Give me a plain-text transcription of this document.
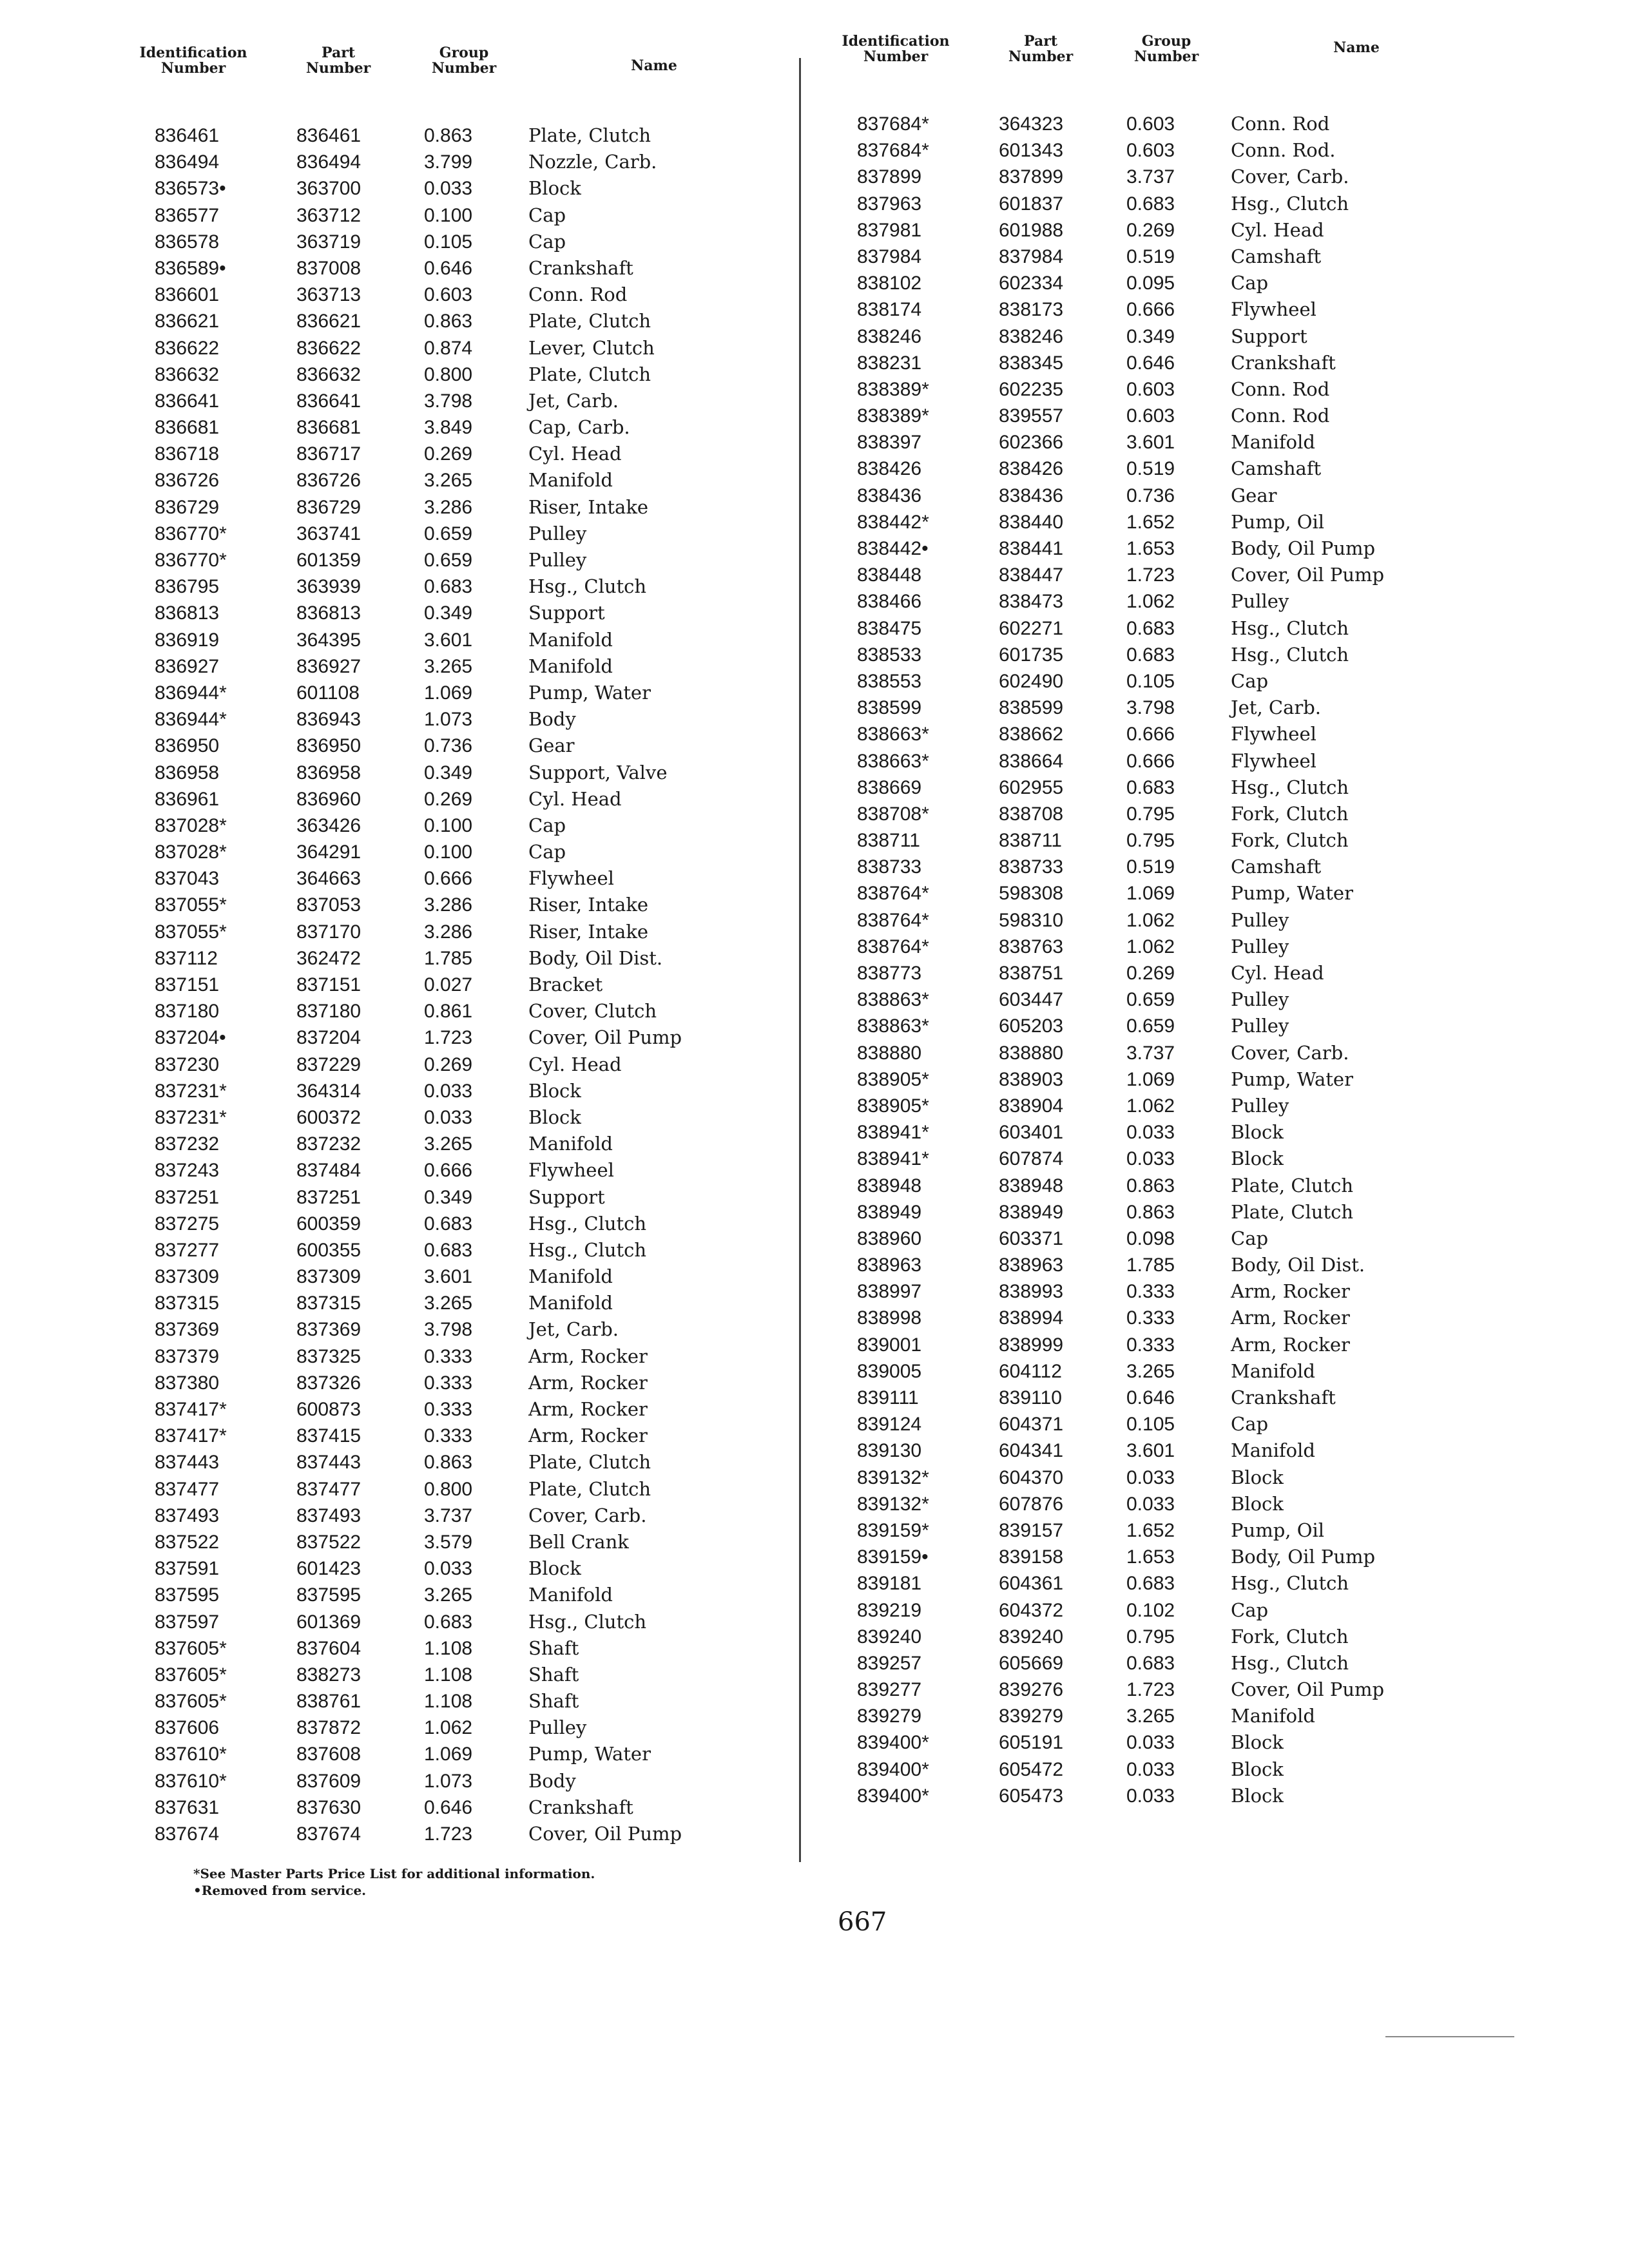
Identification
Number
Part
Number
Group
Number	Name
836461	836461	0.863	Plate, Clutch
836494	836494	3.799	Nozzle, Carb.
836573•	363700	0.033	Block
836577	363712	0.100	Cap
836578	363719	0.105	Cap
836589•	837008	0.646	Crankshaft
836601	363713	0.603	Conn. Rod
836621	836621	0.863	Plate, Clutch
836622	836622	0.874	Lever, Clutch
836632	836632	0.800	Plate, Clutch
836641	836641	3.798	Jet, Carb.
836681	836681	3.849	Cap, Carb.
836718	836717	0.269	Cyl. Head
836726	836726	3.265	Manifold
836729	836729	3.286	Riser, Intake
836770*	363741	0.659	Pulley
836770*	601359	0.659	Pulley
836795	363939	0.683	Hsg., Clutch
836813	836813	0.349	Support
836919	364395	3.601	Manifold
836927	836927	3.265	Manifold
836944*	601108	1.069	Pump, Water
836944*	836943	1.073	Body
836950	836950	0.736	Gear
836958	836958	0.349	Support, Valve
836961	836960	0.269	Cyl. Head
837028*	363426	0.100	Cap
837028*	364291	0.100	Cap
837043	364663	0.666	Flywheel
837055*	837053	3.286	Riser, Intake
837055*	837170	3.286	Riser, Intake
837112	362472	1.785	Body, Oil Dist.
837151	837151	0.027	Bracket
837180	837180	0.861	Cover, Clutch
837204•	837204	1.723	Cover, Oil Pump
837230	837229	0.269	Cyl. Head
837231*	364314	0.033	Block
837231*	600372	0.033	Block
837232	837232	3.265	Manifold
837243	837484	0.666	Flywheel
837251	837251	0.349	Support
837275	600359	0.683	Hsg., Clutch
837277	600355	0.683	Hsg., Clutch
837309	837309	3.601	Manifold
837315	837315	3.265	Manifold
837369	837369	3.798	Jet, Carb.
837379	837325	0.333	Arm, Rocker
837380	837326	0.333	Arm, Rocker
837417*	600873	0.333	Arm, Rocker
837417*	837415	0.333	Arm, Rocker
837443	837443	0.863	Plate, Clutch
837477	837477	0.800	Plate, Clutch
837493	837493	3.737	Cover, Carb.
837522	837522	3.579	Bell Crank
837591	601423	0.033	Block
837595	837595	3.265	Manifold
837597	601369	0.683	Hsg., Clutch
837605*	837604	1.108	Shaft
837605*	838273	1.108	Shaft
837605*	838761	1.108	Shaft
837606	837872	1.062	Pulley
837610*	837608	1.069	Pump, Water
837610*	837609	1.073	Body
837631	837630	0.646	Crankshaft
837674	837674	1.723	Cover, Oil Pump
Identification
Number
Part
Number
Group
Number
Name
837684*	364323	0.603	Conn. Rod
837684*	601343	0.603	Conn. Rod.
837899	837899	3.737	Cover, Carb.
837963	601837	0.683	Hsg., Clutch
837981	601988	0.269	Cyl. Head
837984	837984	0.519	Camshaft
838102	602334	0.095	Cap
838174	838173	0.666	Flywheel
838246	838246	0.349	Support
838231	838345	0.646	Crankshaft
838389*	602235	0.603	Conn. Rod
838389*	839557	0.603	Conn. Rod
838397	602366	3.601	Manifold
838426	838426	0.519	Camshaft
838436	838436	0.736	Gear
838442*	838440	1.652	Pump, Oil
838442•	838441	1.653	Body, Oil Pump
838448	838447	1.723	Cover, Oil Pump
838466	838473	1.062	Pulley
838475	602271	0.683	Hsg., Clutch
838533	601735	0.683	Hsg., Clutch
838553	602490	0.105	Cap
838599	838599	3.798	Jet, Carb.
838663*	838662	0.666	Flywheel
838663*	838664	0.666	Flywheel
838669	602955	0.683	Hsg., Clutch
838708*	838708	0.795	Fork, Clutch
838711	838711	0.795	Fork, Clutch
838733	838733	0.519	Camshaft
838764*	598308	1.069	Pump, Water
838764*	598310	1.062	Pulley
838764*	838763	1.062	Pulley
838773	838751	0.269	Cyl. Head
838863*	603447	0.659	Pulley
838863*	605203	0.659	Pulley
838880	838880	3.737	Cover, Carb.
838905*	838903	1.069	Pump, Water
838905*	838904	1.062	Pulley
838941*	603401	0.033	Block
838941*	607874	0.033	Block
838948	838948	0.863	Plate, Clutch
838949	838949	0.863	Plate, Clutch
838960	603371	0.098	Cap
838963	838963	1.785	Body, Oil Dist.
838997	838993	0.333	Arm, Rocker
838998	838994	0.333	Arm, Rocker
839001	838999	0.333	Arm, Rocker
839005	604112	3.265	Manifold
839111	839110	0.646	Crankshaft
839124	604371	0.105	Cap
839130	604341	3.601	Manifold
839132*	604370	0.033	Block
839132*	607876	0.033	Block
839159*	839157	1.652	Pump, Oil
839159•	839158	1.653	Body, Oil Pump
839181	604361	0.683	Hsg., Clutch
839219	604372	0.102	Cap
839240	839240	0.795	Fork, Clutch
839257	605669	0.683	Hsg., Clutch
839277	839276	1.723	Cover, Oil Pump
839279	839279	3.265	Manifold
839400*	605191	0.033	Block
839400*	605472	0.033	Block
839400*	605473	0.033	Block
*See Master Parts Price List for additional information.
•Removed from service.
667
